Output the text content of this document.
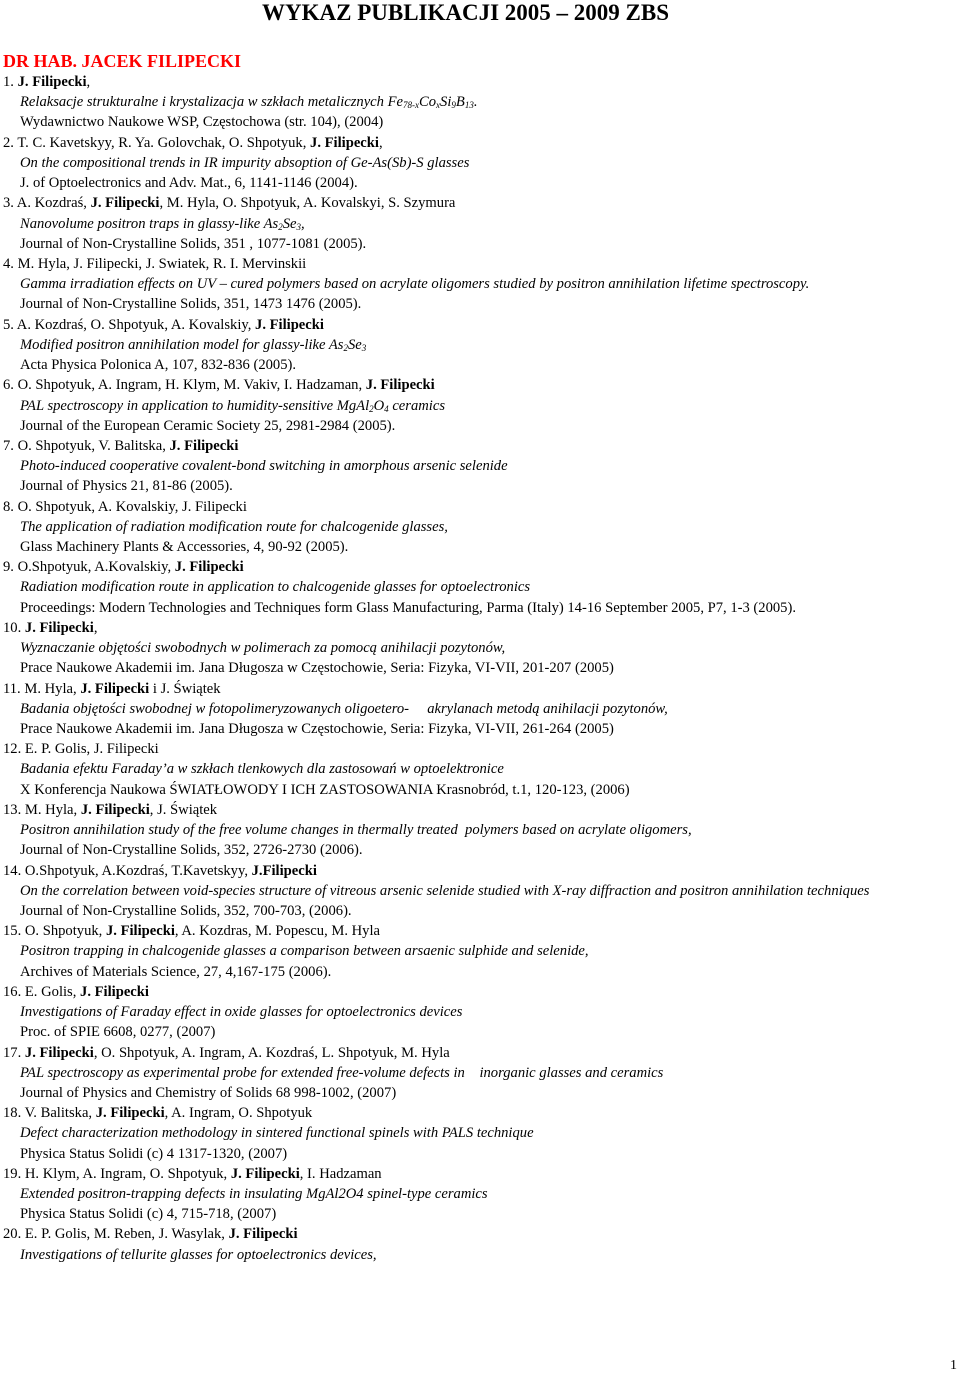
WYKAZ PUBLIKACJI 2005 – 2009 ZBS
DR HAB. JACEK FILIPECKI
1. J. Filipecki,
Relaksacje strukturalne i krystalizacja w szkłach metalicznych $Fe_{78-x}Co_xSi_9B_{13}$.
Wydawnictwo Naukowe WSP, Częstochowa (str. 104), (2004)
2. T. C. Kavetskyy, R. Ya. Golovchak, O. Shpotyuk, J. Filipecki,
On the compositional trends in IR impurity absoption of Ge-As(Sb)-S glasses
J. of Optoelectronics and Adv. Mat., 6, 1141-1146 (2004).
3. A. Kozdraś, J. Filipecki, M. Hyla, O. Shpotyuk, A. Kovalskyi, S. Szymura
Nanovolume positron traps in glassy-like $As_2Se_3$,
Journal of Non-Crystalline Solids, 351 , 1077-1081 (2005).
4. M. Hyla, J. Filipecki, J. Swiatek, R. I. Mervinskii
Gamma irradiation effects on UV – cured polymers based on acrylate oligomers studied by positron annihilation lifetime spectroscopy.
Journal of Non-Crystalline Solids, 351, 1473 1476 (2005).
5. A. Kozdraś, O. Shpotyuk, A. Kovalskiy, J. Filipecki
Modified positron annihilation model for glassy-like $As_2Se_3$
Acta Physica Polonica A, 107, 832-836 (2005).
6. O. Shpotyuk, A. Ingram, H. Klym, M. Vakiv, I. Hadzaman, J. Filipecki
PAL spectroscopy in application to humidity-sensitive $MgAl_2O_4$ ceramics
Journal of the European Ceramic Society 25, 2981-2984 (2005).
7. O. Shpotyuk, V. Balitska, J. Filipecki
Photo-induced cooperative covalent-bond switching in amorphous arsenic selenide
Journal of Physics 21, 81-86 (2005).
8. O. Shpotyuk, A. Kovalskiy, J. Filipecki
The application of radiation modification route for chalcogenide glasses,
Glass Machinery Plants & Accessories, 4, 90-92 (2005).
9. O.Shpotyuk, A.Kovalskiy, J. Filipecki
Radiation modification route in application to chalcogenide glasses for optoelectronics
Proceedings: Modern Technologies and Techniques form Glass Manufacturing, Parma (Italy) 14-16 September 2005, P7, 1-3 (2005).
10. J. Filipecki,
Wyznaczanie objętości swobodnych w polimerach za pomocą anihilacji pozytonów,
Prace Naukowe Akademii im. Jana Długosza w Częstochowie, Seria: Fizyka, VI-VII, 201-207 (2005)
11. M. Hyla, J. Filipecki i J. Świątek
Badania objętości swobodnej w fotopolimeryzowanych oligoetero-     akrylanach metodą anihilacji pozytonów,
Prace Naukowe Akademii im. Jana Długosza w Częstochowie, Seria: Fizyka, VI-VII, 261-264 (2005)
12. E. P. Golis, J. Filipecki
Badania efektu Faraday’a w szkłach tlenkowych dla zastosowań w optoelektronice
X Konferencja Naukowa ŚWIATŁOWODY I ICH ZASTOSOWANIA Krasnobród, t.1, 120-123, (2006)
13. M. Hyla, J. Filipecki, J. Świątek
Positron annihilation study of the free volume changes in thermally treated  polymers based on acrylate oligomers,
Journal of Non-Crystalline Solids, 352, 2726-2730 (2006).
14. O.Shpotyuk, A.Kozdraś, T.Kavetskyy, J.Filipecki
On the correlation between void-species structure of vitreous arsenic selenide studied with X-ray diffraction and positron annihilation techniques
Journal of Non-Crystalline Solids, 352, 700-703, (2006).
15. O. Shpotyuk, J. Filipecki, A. Kozdras, M. Popescu, M. Hyla
Positron trapping in chalcogenide glasses a comparison between arsaenic sulphide and selenide,
Archives of Materials Science, 27, 4,167-175 (2006).
16. E. Golis, J. Filipecki
Investigations of Faraday effect in oxide glasses for optoelectronics devices
Proc. of SPIE 6608, 0277, (2007)
17. J. Filipecki, O. Shpotyuk, A. Ingram, A. Kozdraś, L. Shpotyuk, M. Hyla
PAL spectroscopy as experimental probe for extended free-volume defects in    inorganic glasses and ceramics
Journal of Physics and Chemistry of Solids 68 998-1002, (2007)
18. V. Balitska, J. Filipecki, A. Ingram, O. Shpotyuk
Defect characterization methodology in sintered functional spinels with PALS technique
Physica Status Solidi (c) 4 1317-1320, (2007)
19. H. Klym, A. Ingram, O. Shpotyuk, J. Filipecki, I. Hadzaman
Extended positron-trapping defects in insulating MgAl2O4 spinel-type ceramics
Physica Status Solidi (c) 4, 715-718, (2007)
20. E. P. Golis, M. Reben, J. Wasylak, J. Filipecki
Investigations of tellurite glasses for optoelectronics devices,
1
